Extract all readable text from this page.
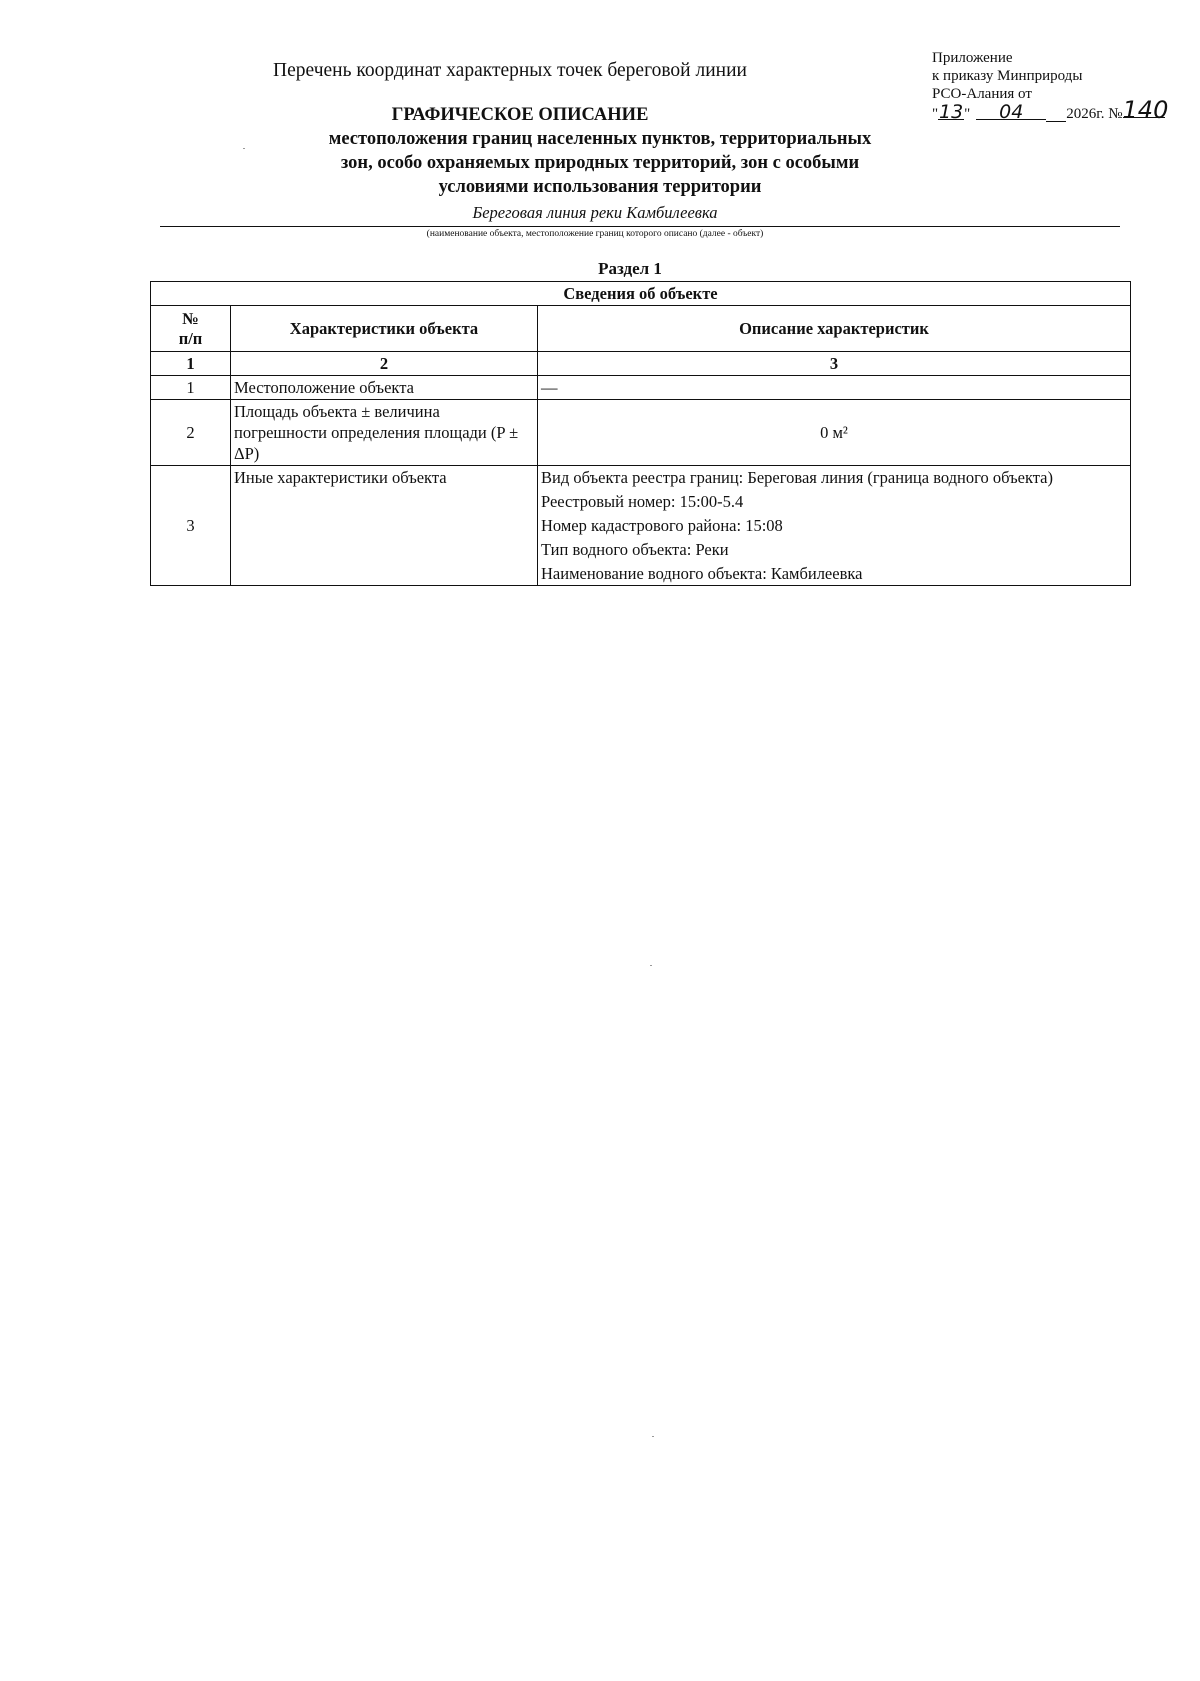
Перечень координат характерных точек береговой линии
Приложение
к приказу Минприроды
РСО-Алания от
"13" 04	2026г. №140
ГРАФИЧЕСКОЕ ОПИСАНИЕ
местоположения границ населенных пунктов, территориальных
зон, особо охраняемых природных территорий, зон с особыми
условиями использования территории
Береговая линия реки Камбилеевка
(наименование объекта, местоположение границ которого описано (далее - объект)
Раздел 1
Сведения об объекте		
№
п/п	Характеристики объекта	Описание характеристик
1	2	3
1	Местоположение объекта	—
2	Площадь объекта ± величина погрешности определения площади (P ± ΔP)	0 м²
3	Иные характеристики объекта	Вид объекта реестра границ: Береговая линия (граница водного объекта)
Реестровый номер: 15:00-5.4
Номер кадастрового района: 15:08
Тип водного объекта: Реки
Наименование водного объекта: Камбилеевка
